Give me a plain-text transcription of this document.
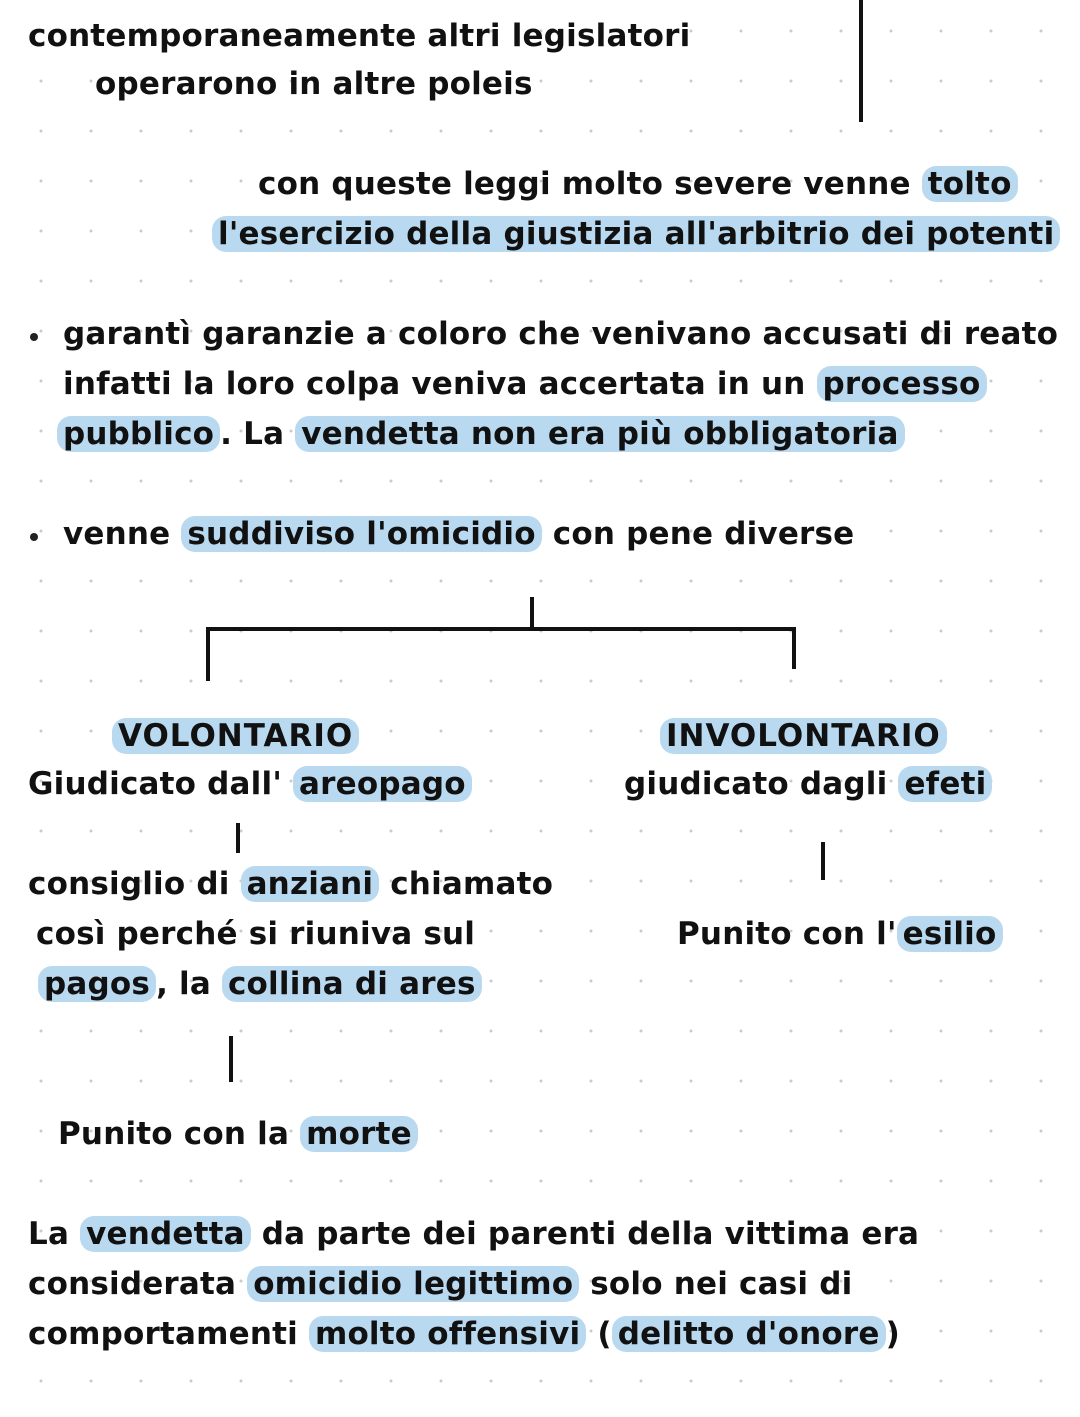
contemporaneamente altri legislatori
operarono in altre poleis
con queste leggi molto severe venne tolto
l'esercizio della giustizia all'arbitrio dei potenti
garantì garanzie a coloro che venivano accusati di reato
infatti la loro colpa veniva accertata in un processo
pubblico . La vendetta non era più obbligatoria
venne suddiviso l'omicidio con pene diverse
VOLONTARIO
Giudicato dall' areopago
consiglio di anziani chiamato
così perché si riuniva sul
pagos , la collina di ares
Punito con la morte
INVOLONTARIO
giudicato dagli efeti
Punito con l' esilio
La vendetta da parte dei parenti della vittima era
considerata omicidio legittimo solo nei casi di
comportamenti molto offensivi ( delitto d'onore )
